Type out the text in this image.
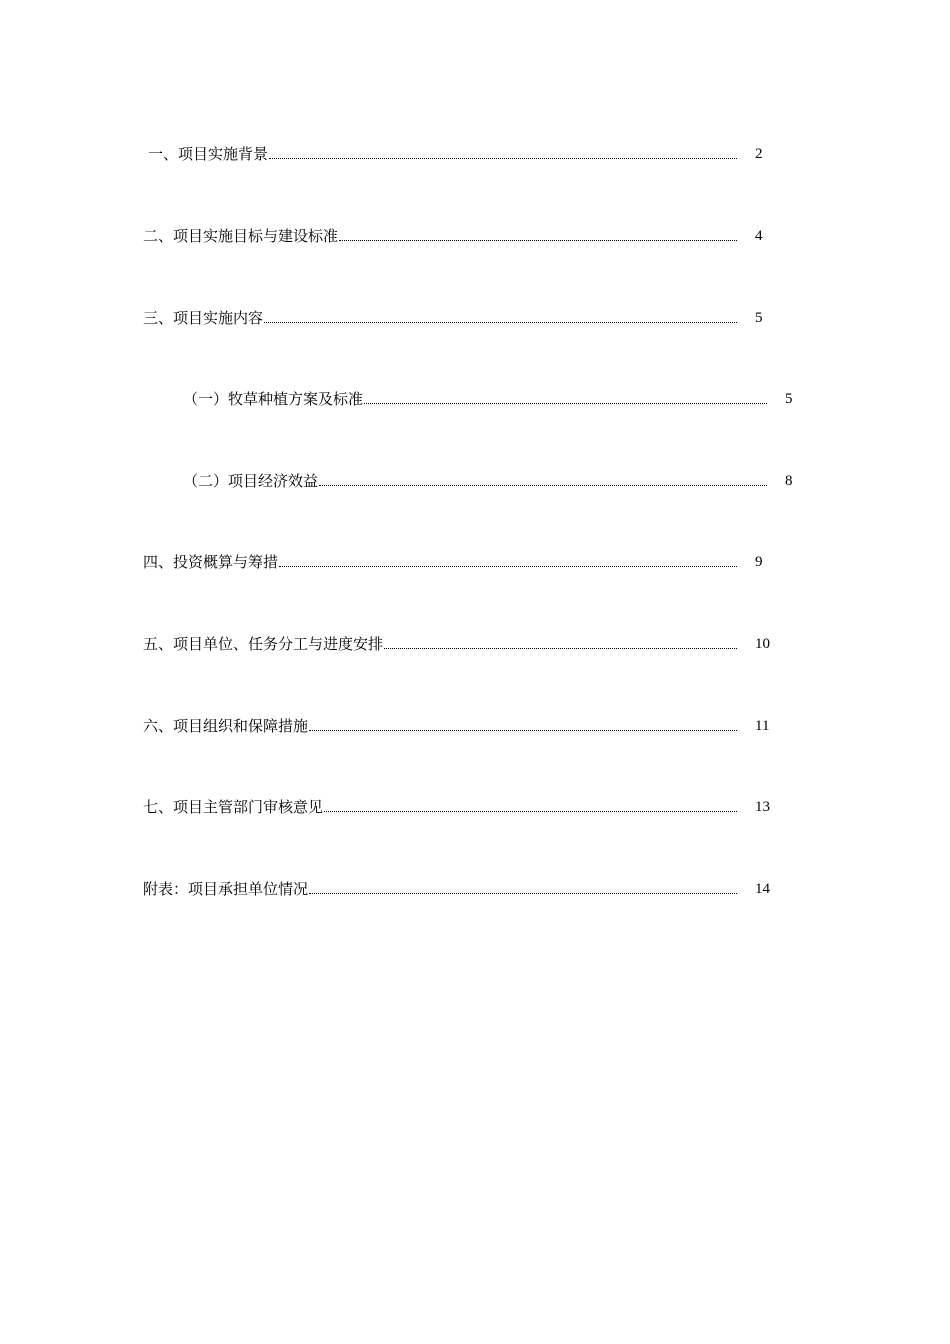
一、项目实施背景	2
二、项目实施目标与建设标准	4
三、项目实施内容	5
（一）牧草种植方案及标准	5
（二）项目经济效益	8
四、投资概算与筹措	9
五、项目单位、任务分工与进度安排	10
六、项目组织和保障措施	11
七、项目主管部门审核意见	13
附表：项目承担单位情况	14
